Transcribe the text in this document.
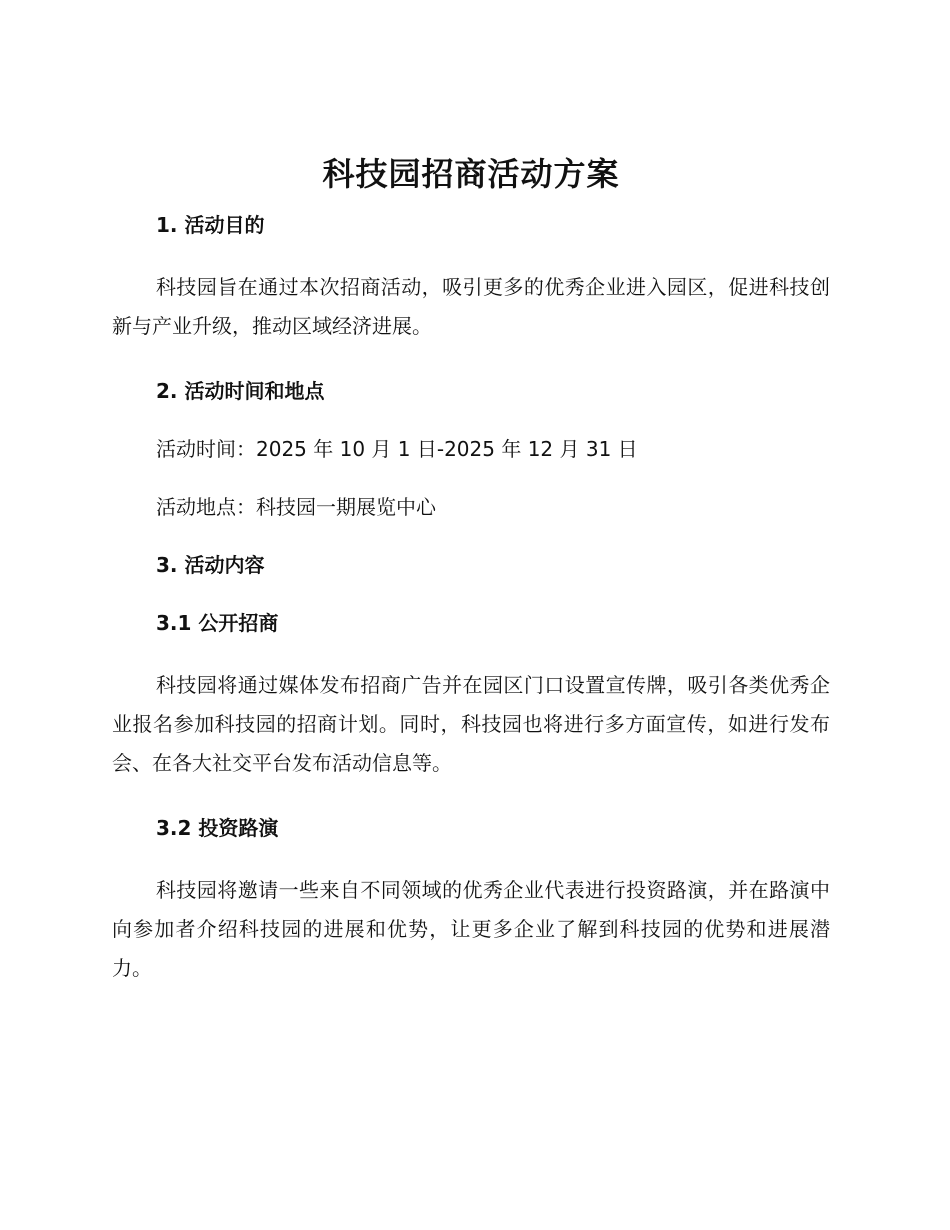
科技园招商活动方案
1. 活动目的

科技园旨在通过本次招商活动，吸引更多的优秀企业进入园区，促进科技创新与产业升级，推动区域经济进展。

2. 活动时间和地点

活动时间：2025 年 10 月 1 日-2025 年 12 月 31 日

活动地点：科技园一期展览中心

3. 活动内容
3.1 公开招商

科技园将通过媒体发布招商广告并在园区门口设置宣传牌，吸引各类优秀企业报名参加科技园的招商计划。同时，科技园也将进行多方面宣传，如进行发布会、在各大社交平台发布活动信息等。

3.2 投资路演

科技园将邀请一些来自不同领域的优秀企业代表进行投资路演，并在路演中向参加者介绍科技园的进展和优势，让更多企业了解到科技园的优势和进展潜力。
